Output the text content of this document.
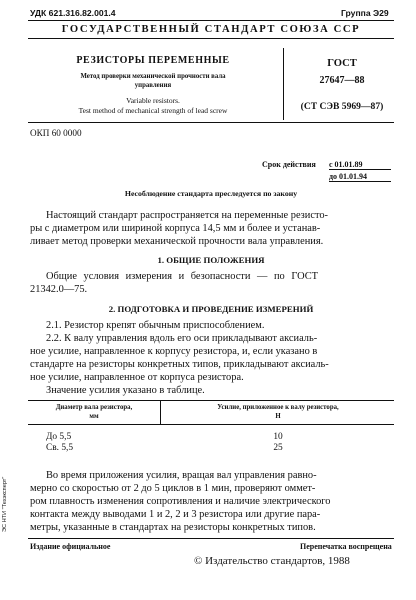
УДК 621.316.82.001.4	Группа Э29
ГОСУДАРСТВЕННЫЙ СТАНДАРТ СОЮЗА ССР
РЕЗИСТОРЫ ПЕРЕМЕННЫЕ
Метод проверки механической прочности вала
управления
Variable resistors.
Test method of mechanical strength of lead screw
ГОСТ
27647—88
(СТ СЭВ 5969—87)
ОКП 60 0000
Срок действия с 01.01.89
до 01.01.94
Несоблюдение стандарта преследуется по закону
Настоящий стандарт распространяется на переменные резисто-
ры с диаметром или шириной корпуса 14,5 мм и более и устанав-
ливает метод проверки механической прочности вала управления.
1. ОБЩИЕ ПОЛОЖЕНИЯ
Общие условия измерения и безопасности — по ГОСТ
21342.0—75.
2. ПОДГОТОВКА И ПРОВЕДЕНИЕ ИЗМЕРЕНИЙ
2.1. Резистор крепят обычным приспособлением.
2.2. К валу управления вдоль его оси прикладывают аксиаль-
ное усилие, направленное к корпусу резистора, и, если указано в
стандарте на резисторы конкретных типов, прикладывают аксиаль-
ное усилие, направленное от корпуса резистора.
Значение усилия указано в таблице.
Диаметр вала резистора,
мм
Усилие, приложенное к валу резистора,
Н
До 5,5	10
Св. 5,5	25
Во время приложения усилия, вращая вал управления равно-
мерно со скоростью от 2 до 5 циклов в 1 мин, проверяют оммет-
ром плавность изменения сопротивления и наличие электрического
контакта между выводами 1 и 2, 2 и 3 резистора или другие пара-
метры, указанные в стандартах на резисторы конкретных типов.
Издание официальное	Перепечатка воспрещена
© Издательство стандартов, 1988
ЭС НТИ "Техэксперт"
